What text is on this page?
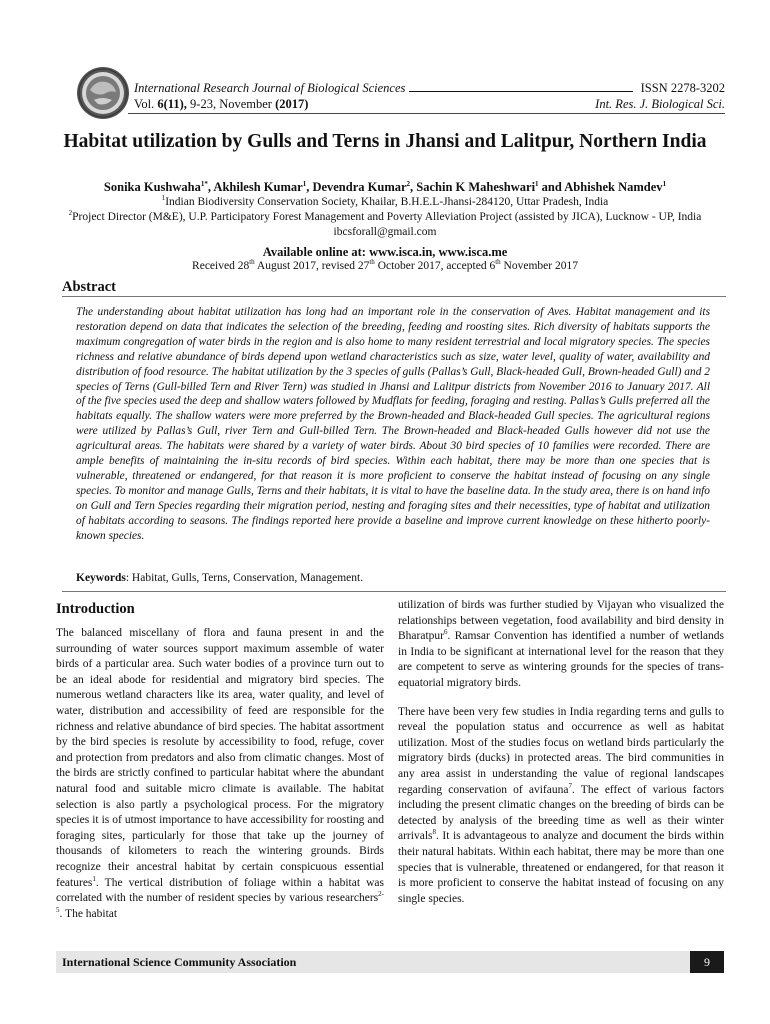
International Research Journal of Biological Sciences
Vol. 6(11), 9-23, November (2017)
ISSN 2278-3202
Int. Res. J. Biological Sci.
Habitat utilization by Gulls and Terns in Jhansi and Lalitpur, Northern India
Sonika Kushwaha$^{1*}$, Akhilesh Kumar$^1$, Devendra Kumar$^2$, Sachin K Maheshwari$^1$ and Abhishek Namdev$^1$
$^1$Indian Biodiversity Conservation Society, Khailar, B.H.E.L-Jhansi-284120, Uttar Pradesh, India
$^2$Project Director (M&E), U.P. Participatory Forest Management and Poverty Alleviation Project (assisted by JICA), Lucknow - UP, India
ibcsforall@gmail.com
Available online at: www.isca.in, www.isca.me
Received 28th August 2017, revised 27th October 2017, accepted 6th November 2017
Abstract
The understanding about habitat utilization has long had an important role in the conservation of Aves. Habitat management and its restoration depend on data that indicates the selection of the breeding, feeding and roosting sites. Rich diversity of habitats supports the maximum congregation of water birds in the region and is also home to many resident terrestrial and local migratory species. The species richness and relative abundance of birds depend upon wetland characteristics such as size, water level, quality of water, availability and distribution of food resource. The habitat utilization by the 3 species of gulls (Pallas’s Gull, Black-headed Gull, Brown-headed Gull) and 2 species of Terns (Gull-billed Tern and River Tern) was studied in Jhansi and Lalitpur districts from November 2016 to January 2017. All of the five species used the deep and shallow waters followed by Mudflats for feeding, foraging and resting. Pallas’s Gulls preferred all the habitats equally. The shallow waters were more preferred by the Brown-headed and Black-headed Gull species. The agricultural regions were utilized by Pallas’s Gull, river Tern and Gull-billed Tern. The Brown-headed and Black-headed Gulls however did not use the agricultural areas. The habitats were shared by a variety of water birds. About 30 bird species of 10 families were recorded. There are ample benefits of maintaining the in-situ records of bird species. Within each habitat, there may be more than one species that is vulnerable, threatened or endangered, for that reason it is more proficient to conserve the habitat instead of focusing on any single species. To monitor and manage Gulls, Terns and their habitats, it is vital to have the baseline data. In the study area, there is on hand info on Gull and Tern Species regarding their migration period, nesting and foraging sites and their necessities, type of habitat and utilization of habitats according to seasons. The findings reported here provide a baseline and improve current knowledge on these hitherto poorly-known species.
Keywords: Habitat, Gulls, Terns, Conservation, Management.
Introduction

The balanced miscellany of flora and fauna present in and the surrounding of water sources support maximum assemble of water birds of a particular area. Such water bodies of a province turn out to be an ideal abode for residential and migratory bird species. The numerous wetland characters like its area, water quality, and level of water, distribution and accessibility of feed are responsible for the richness and relative abundance of bird species. The habitat assortment by the bird species is resolute by accessibility to food, refuge, cover and protection from predators and also from climatic changes. Most of the birds are strictly confined to particular habitat where the abundant natural food and suitable micro climate is available. The habitat selection is also partly a psychological process. For the migratory species it is of utmost importance to have accessibility for roosting and foraging sites, particularly for those that take up the journey of thousands of kilometers to reach the wintering grounds. Birds recognize their ancestral habitat by certain conspicuous essential features$^1$. The vertical distribution of foliage within a habitat was correlated with the number of resident species by various researchers$^{2-5}$. The habitat

utilization of birds was further studied by Vijayan who visualized the relationships between vegetation, food availability and bird density in Bharatpur$^6$. Ramsar Convention has identified a number of wetlands in India to be significant at international level for the reason that they are competent to serve as wintering grounds for the species of trans-equatorial migratory birds.

There have been very few studies in India regarding terns and gulls to reveal the population status and occurrence as well as habitat utilization. Most of the studies focus on wetland birds particularly the migratory birds (ducks) in protected areas. The bird communities in any area assist in understanding the value of regional landscapes regarding conservation of avifauna$^7$. The effect of various factors including the present climatic changes on the breeding of birds can be detected by analysis of the breeding time as well as their winter arrivals$^8$. It is advantageous to analyze and document the birds within their natural habitats. Within each habitat, there may be more than one species that is vulnerable, threatened or endangered, for that reason it is more proficient to conserve the habitat instead of focusing on any single species.

International Science Community Association	9
